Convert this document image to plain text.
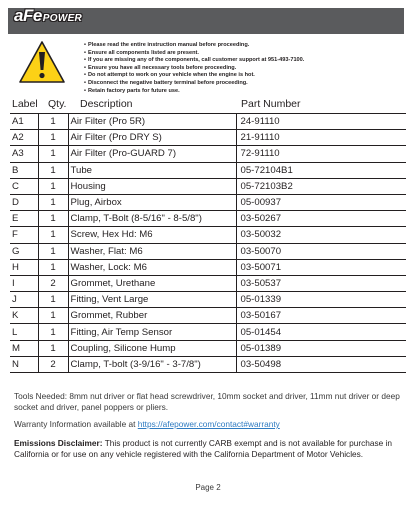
aFePOWER
• Please read the entire instruction manual before proceeding.
• Ensure all components listed are present.
• If you are missing any of the components, call customer support at 951-493-7100.
• Ensure you have all necessary tools before proceeding.
• Do not attempt to work on your vehicle when the engine is hot.
• Disconnect the negative battery terminal before proceeding.
• Retain factory parts for future use.
Label Qty. Description	Part Number
A1	1	Air Filter (Pro 5R)	24-91110
A2	1	Air Filter (Pro DRY S)	21-91110
A3	1	Air Filter (Pro-GUARD 7)	72-91110
B	1	Tube	05-72104B1
C	1	Housing	05-72103B2
D	1	Plug, Airbox	05-00937
E	1	Clamp, T-Bolt (8-5/16" - 8-5/8")	03-50267
F	1	Screw, Hex Hd: M6	03-50032
G	1	Washer, Flat: M6	03-50070
H	1	Washer, Lock: M6	03-50071
I	2	Grommet, Urethane	03-50537
J	1	Fitting, Vent Large	05-01339
K	1	Grommet, Rubber	03-50167
L	1	Fitting, Air Temp Sensor	05-01454
M	1	Coupling, Silicone Hump	05-01389
N	2	Clamp, T-bolt (3-9/16" - 3-7/8")	03-50498
Tools Needed: 8mm nut driver or flat head screwdriver, 10mm socket and driver, 11mm nut driver or deep socket and driver, panel poppers or pliers.
Warranty Information available at https://afepower.com/contact#warranty
Emissions Disclaimer: This product is not currently CARB exempt and is not available for purchase in California or for use on any vehicle registered with the California Department of Motor Vehicles.
Page 2
